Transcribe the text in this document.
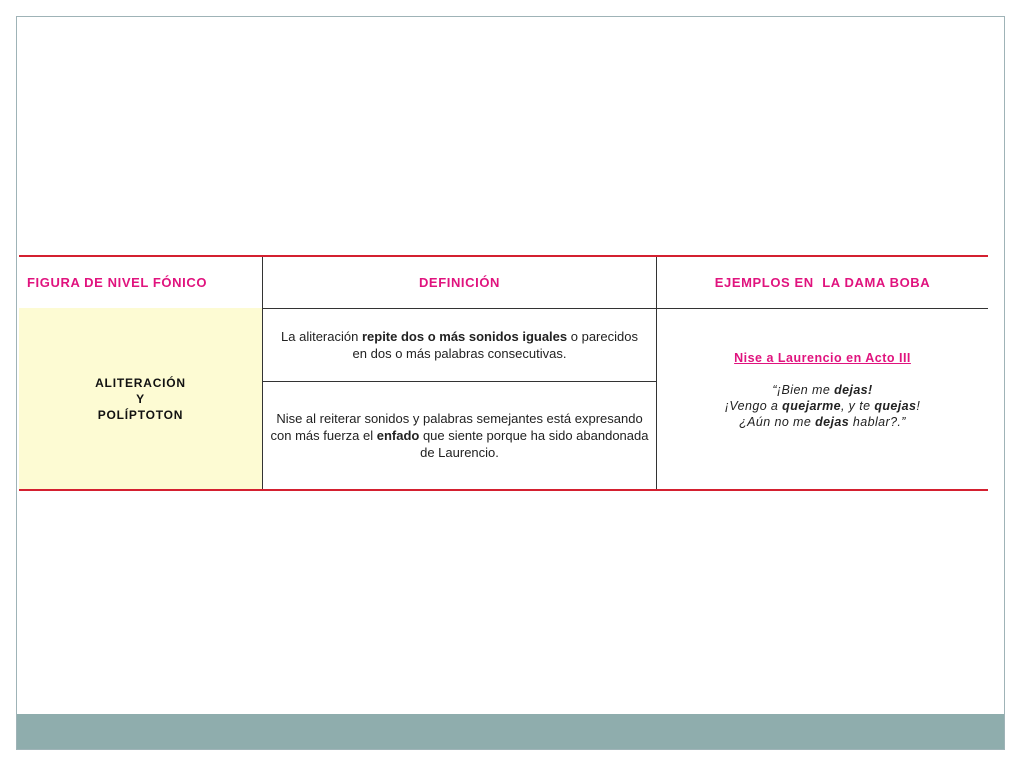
FIGURA DE NIVEL FÓNICO	DEFINICIÓN	EJEMPLOS EN  LA DAMA BOBA
ALITERACIÓN
Y
POLÍPTOTON
La aliteración repite dos o más sonidos iguales o parecidos en dos o más palabras consecutivas.
Nise al reiterar sonidos y palabras semejantes está expresando con más fuerza el enfado que siente porque ha sido abandonada de Laurencio.
Nise a Laurencio en Acto III
“¡Bien me dejas!
¡Vengo a quejarme, y te quejas!
¿Aún no me dejas hablar?.”
